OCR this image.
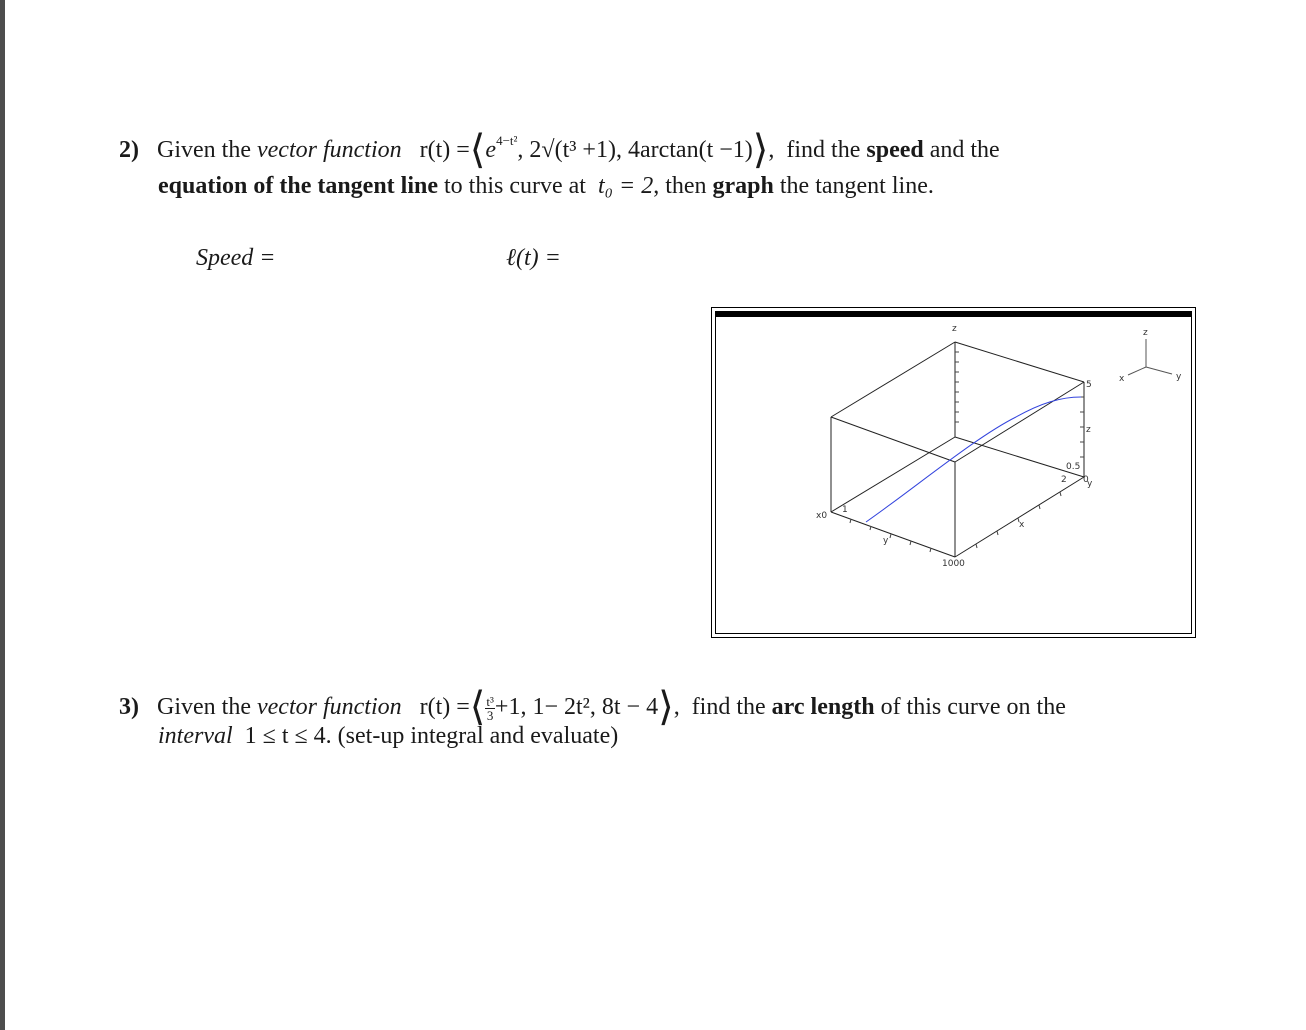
2) Given the vector function $r(t) =⟨e^{4-t^2}$, 2√(t³ +1), 4arctan(t −1)⟩,  find the speed and the
equation of the tangent line to this curve at t₀ = 2, then graph the tangent line.
Speed =	ℓ(t) =
z	z
y
x
5
z
0.5
2 0
y
x
x0
1
y
1000
3) Given the vector function r(t) =⟨ $\frac{\text{t³}}{3} +1$, 1− 2t², 8t − 4⟩,  find the arc length of this curve on the
interval 1 ≤ t ≤ 4. (set-up integral and evaluate)
